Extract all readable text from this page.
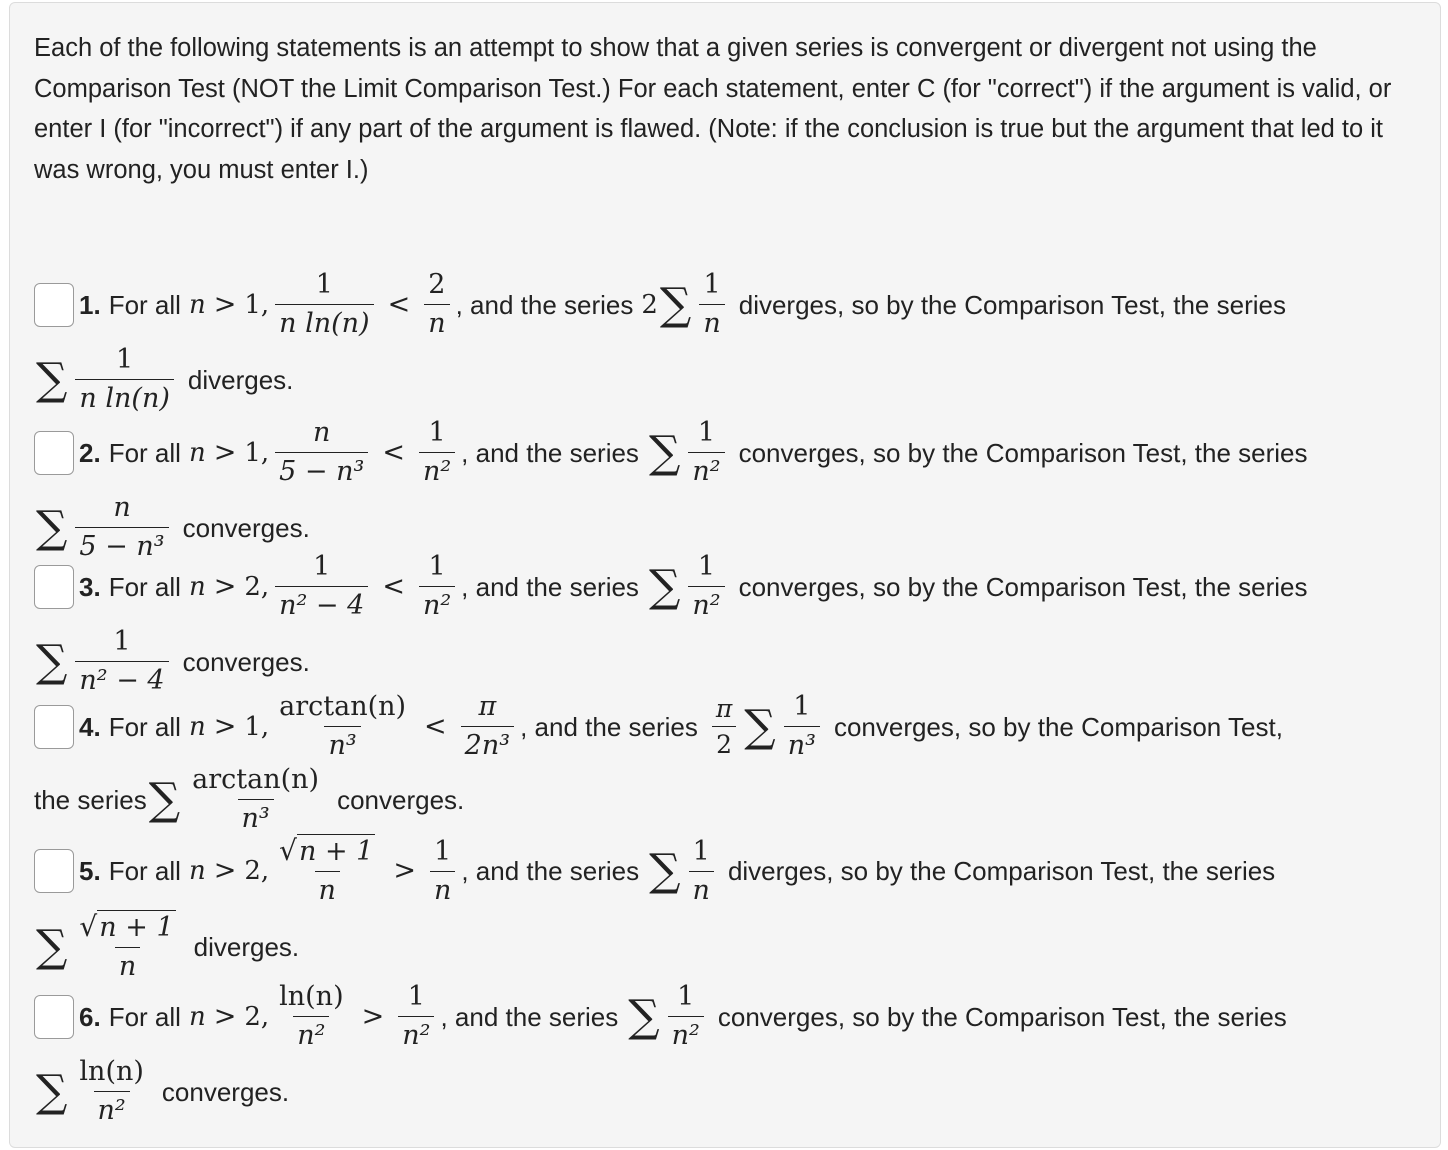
Each of the following statements is an attempt to show that a given series is convergent or divergent not using the Comparison Test (NOT the Limit Comparison Test.) For each statement, enter C (for "correct") if the argument is valid, or enter I (for "incorrect") if any part of the argument is flawed. (Note: if the conclusion is true but the argument that led to it was wrong, you must enter I.)
1. For all n > 1, $\frac{1}{\text{n ln(n)}} < \frac{2}{n}$ , and the series 2 ∑ $\frac{1}{n}$ diverges , so by the Comparison Test, the series
∑ $\frac{1}{\text{n ln(n)}}$ diverges.
2. For all n > 1, $\frac{n}{\text{5 − n³}} < \frac{1}{\text{n²}}$ , and the series ∑ $\frac{1}{\text{n²}}$ converges , so by the Comparison Test, the series
∑ $\frac{n}{\text{5 − n³}}$ converges.
3. For all n > 2, $\frac{1}{\text{n² − 4}} < \frac{1}{\text{n²}}$ , and the series ∑ $\frac{1}{\text{n²}}$ converges , so by the Comparison Test, the series
∑ $\frac{1}{\text{n² − 4}}$ converges.
4. For all n > 1, $\frac{\arctan(n)}{\text{n³}} < \frac{\pi}{\text{2n³}}$ , and the series $\frac{\pi}{2}$ ∑ $\frac{1}{\text{n³}}$ converges , so by the Comparison Test,
the series ∑ $\frac{\arctan(n)}{\text{n³}}$ converges.
5. For all n > 2, $\frac{√ n + 1}{n} > \frac{1}{n}$ , and the series ∑ $\frac{1}{n}$ diverges , so by the Comparison Test, the series
∑ $\frac{√ n + 1}{n}$ diverges.
6. For all n > 2, $\frac{\ln(n)}{\text{n²}} > \frac{1}{\text{n²}}$ , and the series ∑ $\frac{1}{\text{n²}}$ converges , so by the Comparison Test, the series
∑ $\frac{\ln(n)}{\text{n²}}$ converges.
